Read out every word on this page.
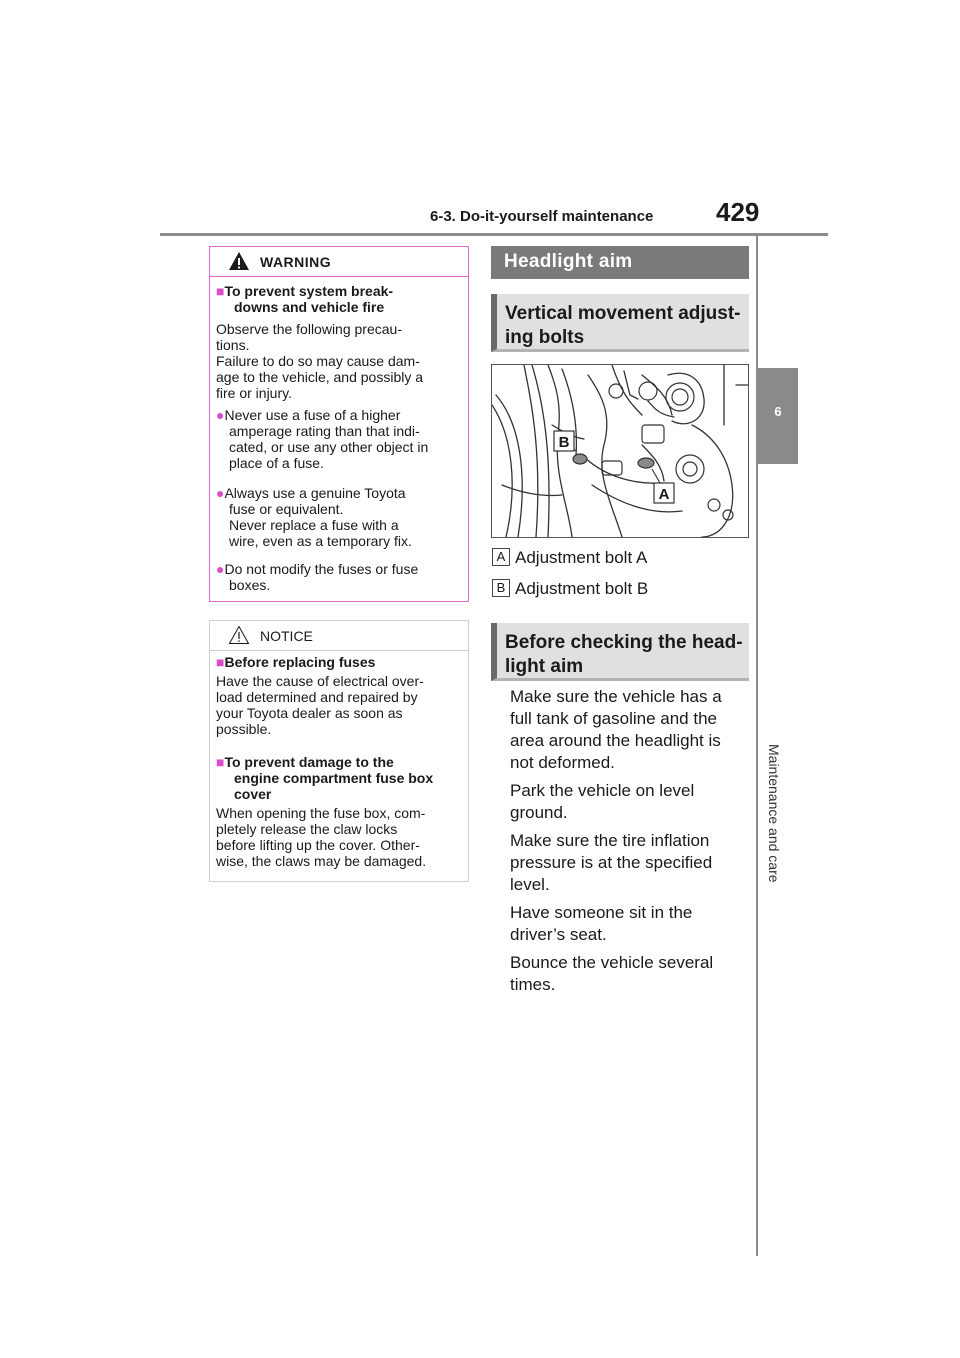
6-3. Do-it-yourself maintenance	429
6
Maintenance and care
WARNING
■To prevent system break-
downs and vehicle fire
Observe the following precau-
tions.
Failure to do so may cause dam-
age to the vehicle, and possibly a
fire or injury.
●Never use a fuse of a higher
amperage rating than that indi-
cated, or use any other object in
place of a fuse.
●Always use a genuine Toyota
fuse or equivalent.
Never replace a fuse with a
wire, even as a temporary fix.
●Do not modify the fuses or fuse
boxes.
NOTICE
■Before replacing fuses
Have the cause of electrical over-
load determined and repaired by
your Toyota dealer as soon as
possible.
■To prevent damage to the
engine compartment fuse box
cover
When opening the fuse box, com-
pletely release the claw locks
before lifting up the cover. Other-
wise, the claws may be damaged.
Headlight aim
Vertical movement adjust-
ing bolts
B
A
A Adjustment bolt A
B Adjustment bolt B
Before checking the head-
light aim
Make sure the vehicle has a
full tank of gasoline and the
area around the headlight is
not deformed.
Park the vehicle on level
ground.
Make sure the tire inflation
pressure is at the specified
level.
Have someone sit in the
driver’s seat.
Bounce the vehicle several
times.
